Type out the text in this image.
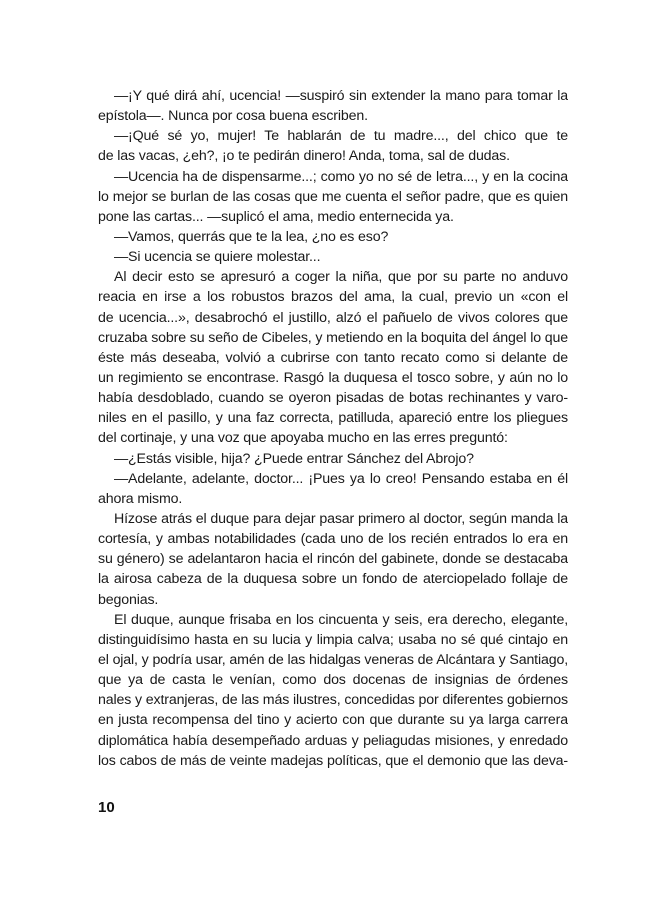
—¡Y qué dirá ahí, ucencia! —suspiró sin extender la mano para tomar la
epístola—. Nunca por cosa buena escriben.
—¡Qué sé yo, mujer! Te hablarán de tu madre..., del chico que te
de las vacas, ¿eh?, ¡o te pedirán dinero! Anda, toma, sal de dudas.
—Ucencia ha de dispensarme...; como yo no sé de letra..., y en la cocina
lo mejor se burlan de las cosas que me cuenta el señor padre, que es quien
pone las cartas... —suplicó el ama, medio enternecida ya.
—Vamos, querrás que te la lea, ¿no es eso?
—Si ucencia se quiere molestar...
Al decir esto se apresuró a coger la niña, que por su parte no anduvo
reacia en irse a los robustos brazos del ama, la cual, previo un «con el
de ucencia...», desabrochó el justillo, alzó el pañuelo de vivos colores que
cruzaba sobre su seño de Cibeles, y metiendo en la boquita del ángel lo que
éste más deseaba, volvió a cubrirse con tanto recato como si delante de
un regimiento se encontrase. Rasgó la duquesa el tosco sobre, y aún no lo
había desdoblado, cuando se oyeron pisadas de botas rechinantes y varo-
niles en el pasillo, y una faz correcta, patilluda, apareció entre los pliegues
del cortinaje, y una voz que apoyaba mucho en las erres preguntó:
—¿Estás visible, hija? ¿Puede entrar Sánchez del Abrojo?
—Adelante, adelante, doctor... ¡Pues ya lo creo! Pensando estaba en él
ahora mismo.
Hízose atrás el duque para dejar pasar primero al doctor, según manda la
cortesía, y ambas notabilidades (cada uno de los recién entrados lo era en
su género) se adelantaron hacia el rincón del gabinete, donde se destacaba
la airosa cabeza de la duquesa sobre un fondo de aterciopelado follaje de
begonias.
El duque, aunque frisaba en los cincuenta y seis, era derecho, elegante,
distinguidísimo hasta en su lucia y limpia calva; usaba no sé qué cintajo en
el ojal, y podría usar, amén de las hidalgas veneras de Alcántara y Santiago,
que ya de casta le venían, como dos docenas de insignias de órdenes
nales y extranjeras, de las más ilustres, concedidas por diferentes gobiernos
en justa recompensa del tino y acierto con que durante su ya larga carrera
diplomática había desempeñado arduas y peliagudas misiones, y enredado
los cabos de más de veinte madejas políticas, que el demonio que las deva-
10
